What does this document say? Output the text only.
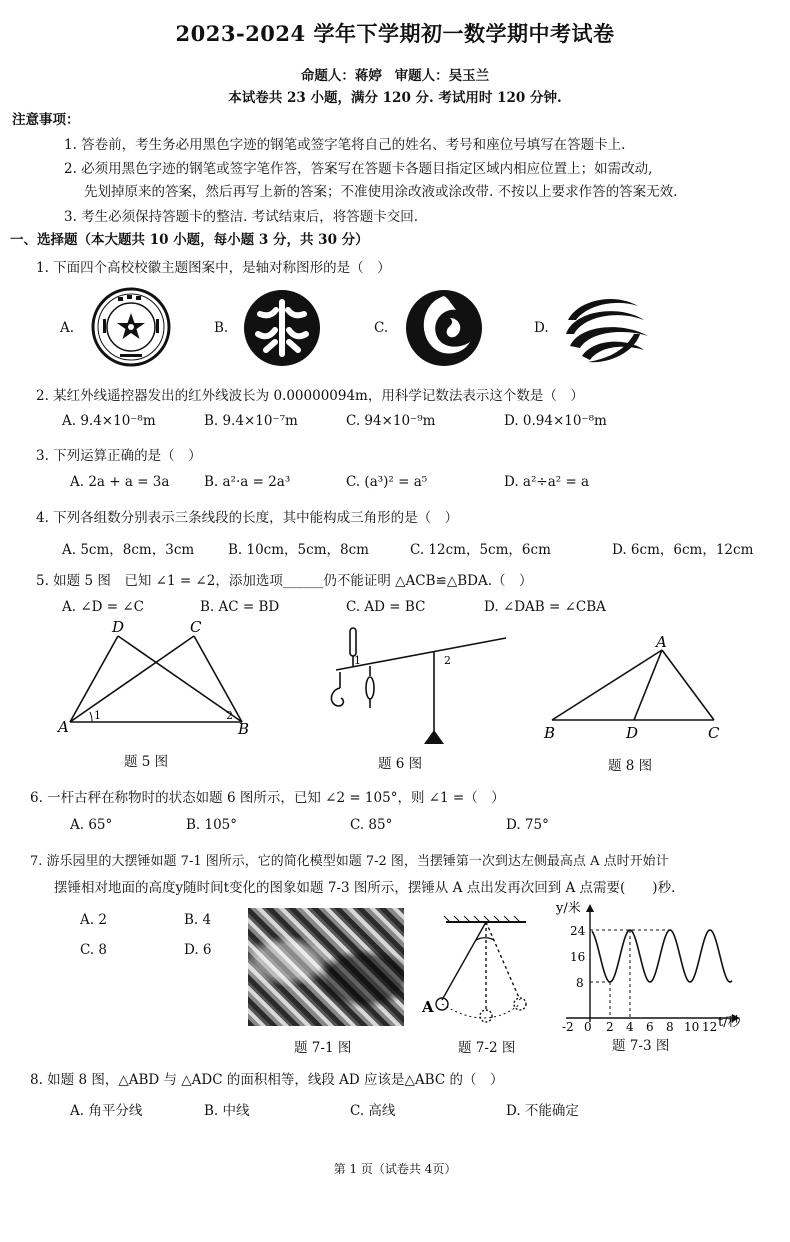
2023-2024 学年下学期初一数学期中考试卷
命题人：蒋婷 审题人：吴玉兰
本试卷共 23 小题，满分 120 分. 考试用时 120 分钟.
注意事项：
1. 答卷前，考生务必用黑色字迹的钢笔或签字笔将自己的姓名、考号和座位号填写在答题卡上.
2. 必须用黑色字迹的钢笔或签字笔作答，答案写在答题卡各题目指定区域内相应位置上；如需改动,
先划掉原来的答案，然后再写上新的答案；不准使用涂改液或涂改带. 不按以上要求作答的答案无效.
3. 考生必须保持答题卡的整洁. 考试结束后，将答题卡交回.
一、选择题（本大题共 10 小题，每小题 3 分，共 30 分）
1. 下面四个高校校徽主题图案中，是轴对称图形的是（　）
A.	B.	C.	D.
2. 某红外线遥控器发出的红外线波长为 0.00000094m，用科学记数法表示这个数是（　）
A. 9.4×10⁻⁸m	B. 9.4×10⁻⁷m	C. 94×10⁻⁹m	D. 0.94×10⁻⁸m
3. 下列运算正确的是（　）
A. 2a + a = 3a	B. a²·a = 2a³	C. (a³)² = a⁵	D. a²÷a² = a
4. 下列各组数分别表示三条线段的长度，其中能构成三角形的是（　）
A. 5cm，8cm，3cm	B. 10cm，5cm，8cm	C. 12cm，5cm，6cm	D. 6cm，6cm，12cm
5. 如题 5 图　已知 ∠1 = ∠2，添加选项______仍不能证明 △ACB≌△BDA.（　）
A. ∠D = ∠C	B. AC = BD	C. AD = BC	D. ∠DAB = ∠CBA
D	C
A	B
1	2
题 5 图
1	2
题 6 图
A
B	D	C
题 8 图
6. 一杆古秤在称物时的状态如题 6 图所示，已知 ∠2 = 105°，则 ∠1 =（　）
A. 65°	B. 105°	C. 85°	D. 75°
7. 游乐园里的大摆锤如题 7-1 图所示，它的简化模型如题 7-2 图，当摆锤第一次到达左侧最高点 A 点时开始计
摆锤相对地面的高度y随时间t变化的图象如题 7-3 图所示，摆锤从 A 点出发再次回到 A 点需要(　　)秒.
A. 2	B. 4
C. 8	D. 6
题 7-1 图
A
题 7-2 图
y/米
t/秒
24
16
8
-2 0 2 4 6 8 10 12
题 7-3 图
8. 如题 8 图，△ABD 与 △ADC 的面积相等，线段 AD 应该是△ABC 的（　）
A. 角平分线	B. 中线	C. 高线	D. 不能确定
第 1 页（试卷共 4页）
